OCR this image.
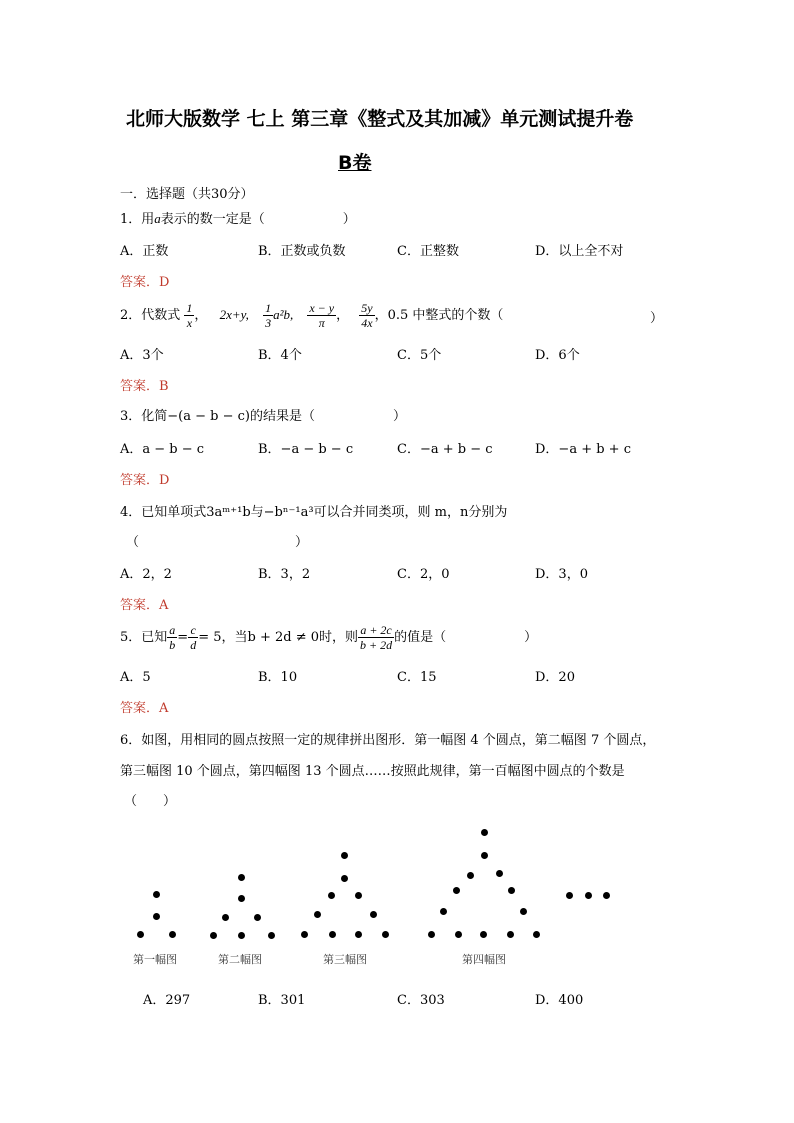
北师大版数学 七上 第三章《整式及其加减》单元测试提升卷
B卷
一．选择题（共30分）
1．用a表示的数一定是（　　　　　　）
A．正数	B．正数或负数	C．正整数	D．以上全不对
答案．D
2．代数式 $\frac{1}{x}$ ， 2x+y, $\frac{1}{3} a^2b$, $\frac{x - y}{\pi}$ ， $\frac{5y}{4x}$ ，0.5 中整式的个数（	）
A．3个	B．4个	C．5个	D．6个
答案．B
3．化简−(a − b − c)的结果是（　　　　　　）
A．a − b − c	B．−a − b − c	C．−a + b − c	D．−a + b + c
答案．D
4．已知单项式3aᵐ⁺¹b与−bⁿ⁻¹a³可以合并同类项，则 m，n分别为
（　　　　　　　　　　　　）
A．2，2	B．3，2	C．2，0	D．3，0
答案．A
5．已知 $\frac{a}{b} = \frac{c}{d} = 5$，当b + 2d ≠ 0时，则 $\frac{a + 2c}{b + 2d}$ 的值是（　　　　　　）
A．5	B．10	C．15	D．20
答案．A
6．如图，用相同的圆点按照一定的规律拼出图形．第一幅图 4 个圆点，第二幅图 7 个圆点，
第三幅图 10 个圆点，第四幅图 13 个圆点……按照此规律，第一百幅图中圆点的个数是
（　　）
第一幅图	第二幅图	第三幅图	第四幅图
A．297	B．301	C．303	D．400
